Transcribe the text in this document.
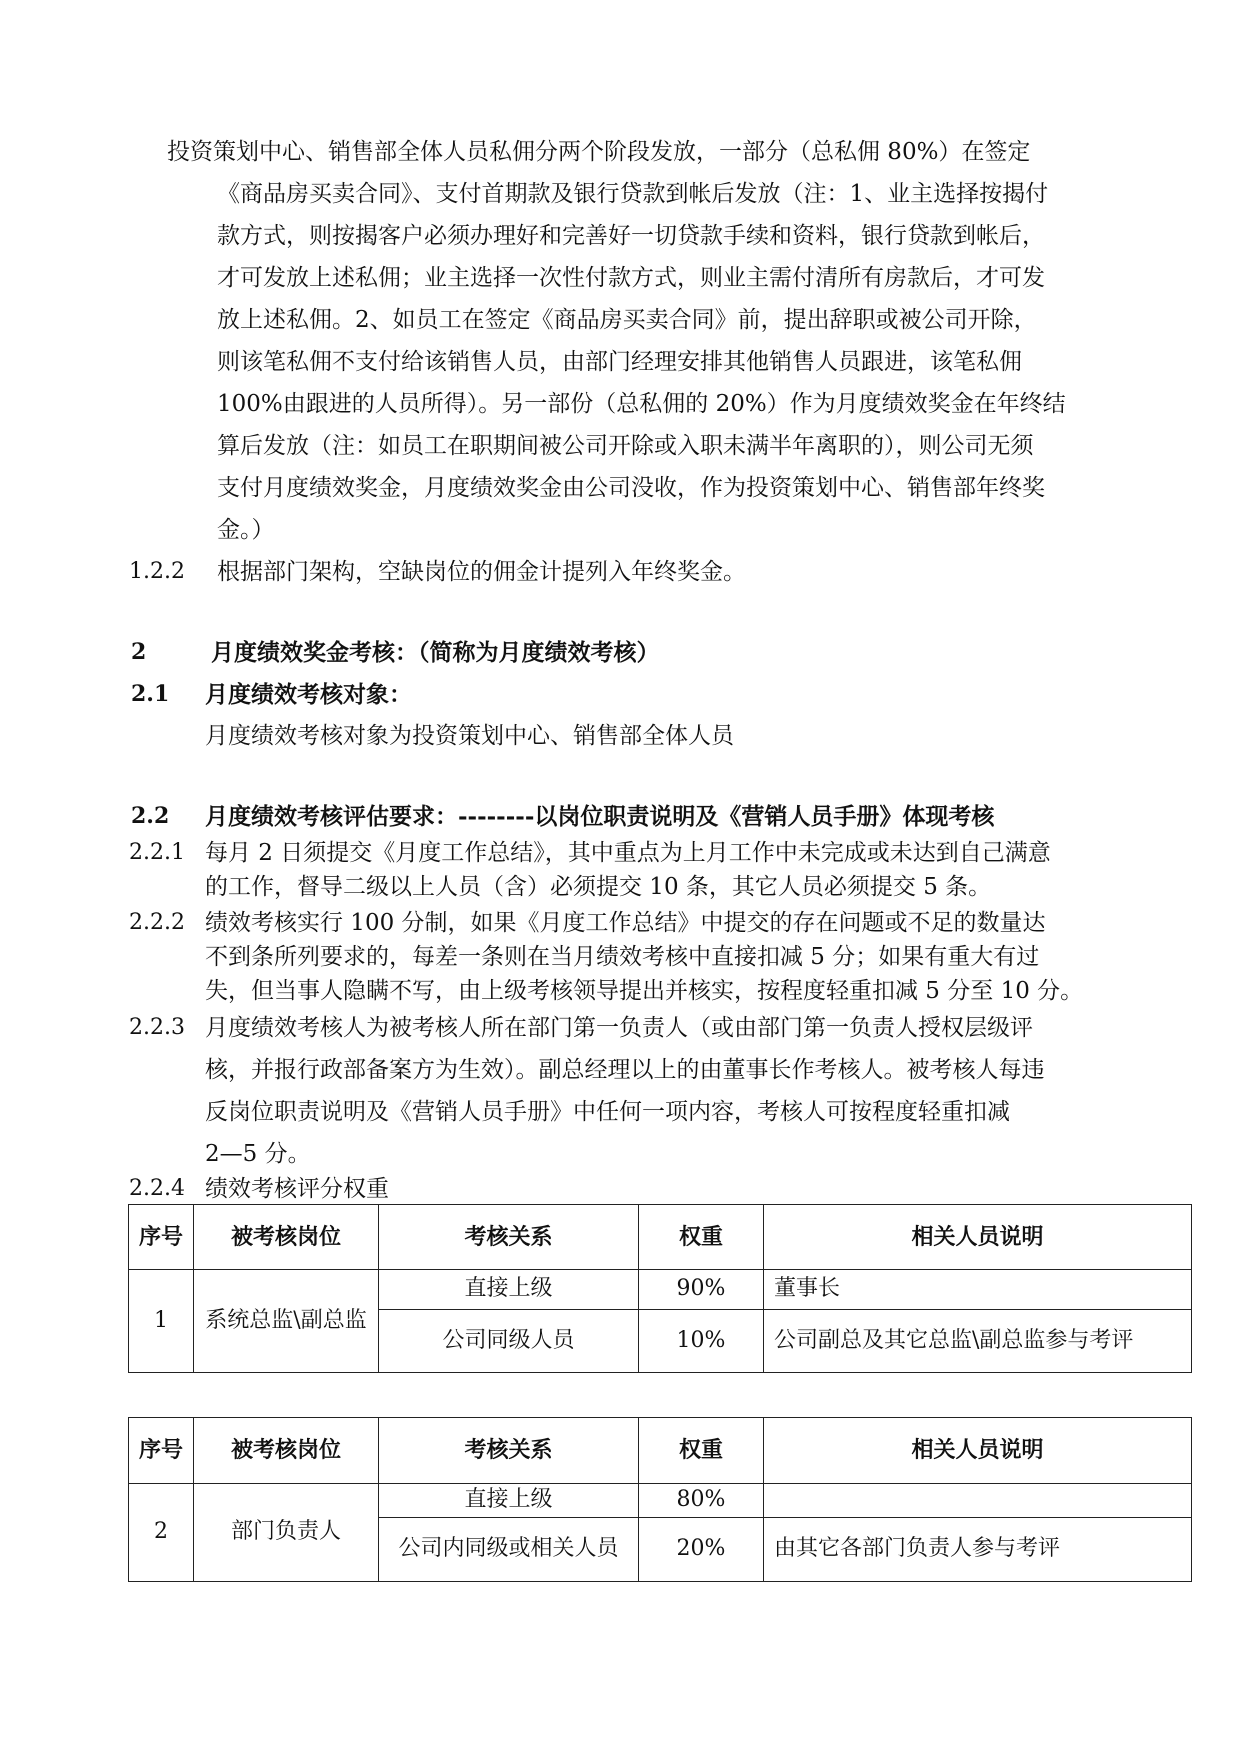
投资策划中心、销售部全体人员私佣分两个阶段发放，一部分（总私佣 80%）在签定
《商品房买卖合同》、支付首期款及银行贷款到帐后发放（注：1、业主选择按揭付
款方式，则按揭客户必须办理好和完善好一切贷款手续和资料，银行贷款到帐后，
才可发放上述私佣；业主选择一次性付款方式，则业主需付清所有房款后，才可发
放上述私佣。2、如员工在签定《商品房买卖合同》前，提出辞职或被公司开除，
则该笔私佣不支付给该销售人员，由部门经理安排其他销售人员跟进，该笔私佣
100%由跟进的人员所得）。另一部份（总私佣的 20%）作为月度绩效奖金在年终结
算后发放（注：如员工在职期间被公司开除或入职未满半年离职的），则公司无须
支付月度绩效奖金，月度绩效奖金由公司没收，作为投资策划中心、销售部年终奖
金。）
1.2.2 根据部门架构，空缺岗位的佣金计提列入年终奖金。
2	月度绩效奖金考核：（简称为月度绩效考核）
2.1 月度绩效考核对象：
月度绩效考核对象为投资策划中心、销售部全体人员
2.2 月度绩效考核评估要求：--------以岗位职责说明及《营销人员手册》体现考核
2.2.1 每月 2 日须提交《月度工作总结》，其中重点为上月工作中未完成或未达到自己满意
的工作，督导二级以上人员（含）必须提交 10 条，其它人员必须提交 5 条。
2.2.2 绩效考核实行 100 分制，如果《月度工作总结》中提交的存在问题或不足的数量达
不到条所列要求的，每差一条则在当月绩效考核中直接扣减 5 分；如果有重大有过
失，但当事人隐瞒不写，由上级考核领导提出并核实，按程度轻重扣减 5 分至 10 分。
2.2.3 月度绩效考核人为被考核人所在部门第一负责人（或由部门第一负责人授权层级评
核，并报行政部备案方为生效）。副总经理以上的由董事长作考核人。被考核人每违
反岗位职责说明及《营销人员手册》中任何一项内容，考核人可按程度轻重扣减
2—5 分。
2.2.4 绩效考核评分权重
序号	被考核岗位	考核关系	权重	相关人员说明
1	系统总监\副总监	直接上级	90%	董事长
		公司同级人员	10%	公司副总及其它总监\副总监参与考评
序号	被考核岗位	考核关系	权重	相关人员说明
2	部门负责人	直接上级	80%	
		公司内同级或相关人员	20%	由其它各部门负责人参与考评
